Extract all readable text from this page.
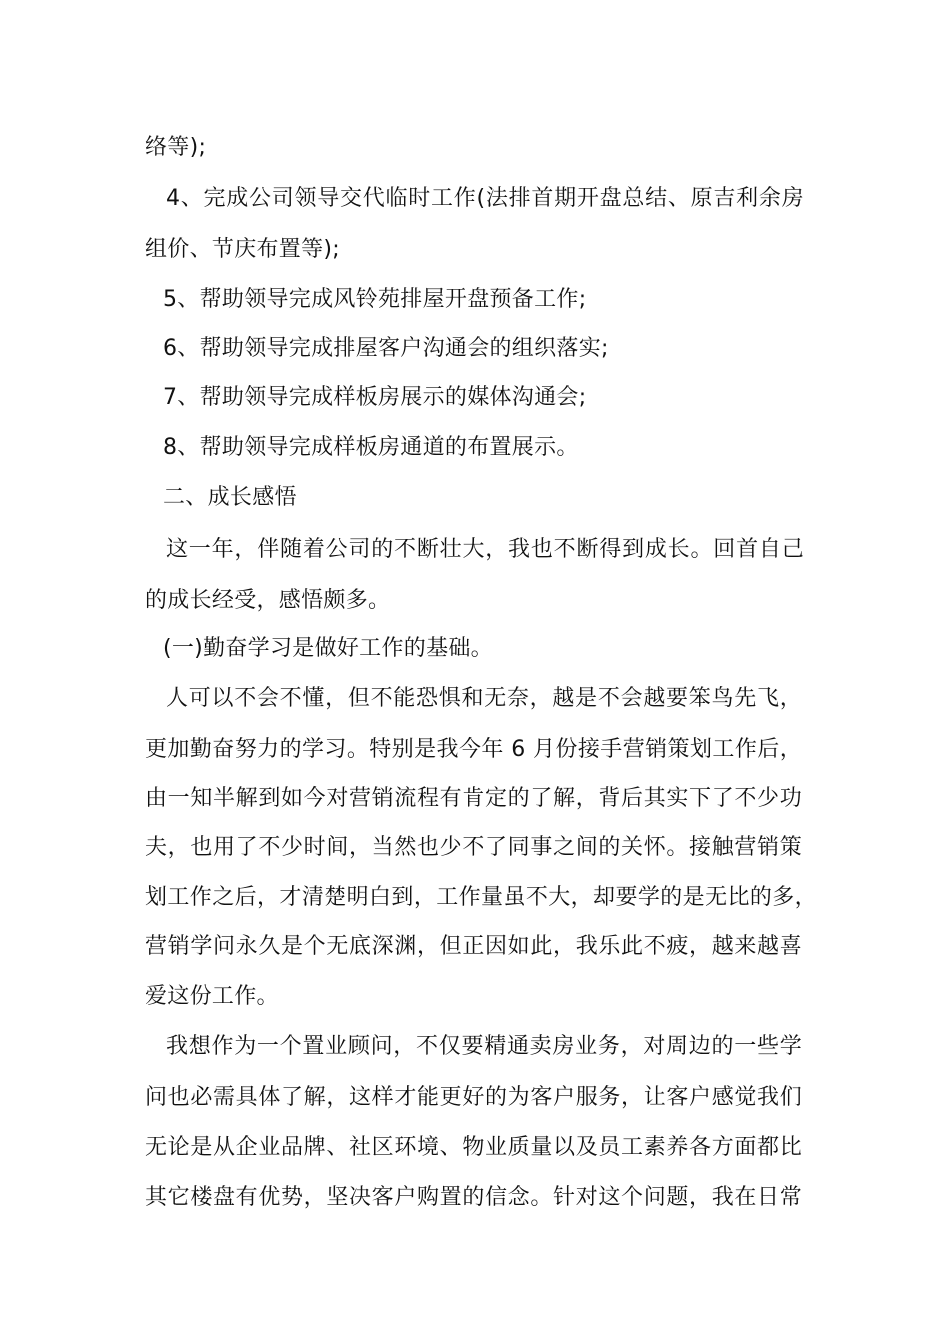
络等);
4、完成公司领导交代临时工作(法排首期开盘总结、原吉利余房
组价、节庆布置等);
5、帮助领导完成风铃苑排屋开盘预备工作;
6、帮助领导完成排屋客户沟通会的组织落实;
7、帮助领导完成样板房展示的媒体沟通会;
8、帮助领导完成样板房通道的布置展示。
二、成长感悟
这一年，伴随着公司的不断壮大，我也不断得到成长。回首自己
的成长经受，感悟颇多。
(一)勤奋学习是做好工作的基础。
人可以不会不懂，但不能恐惧和无奈，越是不会越要笨鸟先飞，
更加勤奋努力的学习。特别是我今年 6 月份接手营销策划工作后，
由一知半解到如今对营销流程有肯定的了解，背后其实下了不少功
夫，也用了不少时间，当然也少不了同事之间的关怀。接触营销策
划工作之后，才清楚明白到，工作量虽不大，却要学的是无比的多，
营销学问永久是个无底深渊，但正因如此，我乐此不疲，越来越喜
爱这份工作。
我想作为一个置业顾问，不仅要精通卖房业务，对周边的一些学
问也必需具体了解，这样才能更好的为客户服务，让客户感觉我们
无论是从企业品牌、社区环境、物业质量以及员工素养各方面都比
其它楼盘有优势，坚决客户购置的信念。针对这个问题，我在日常
